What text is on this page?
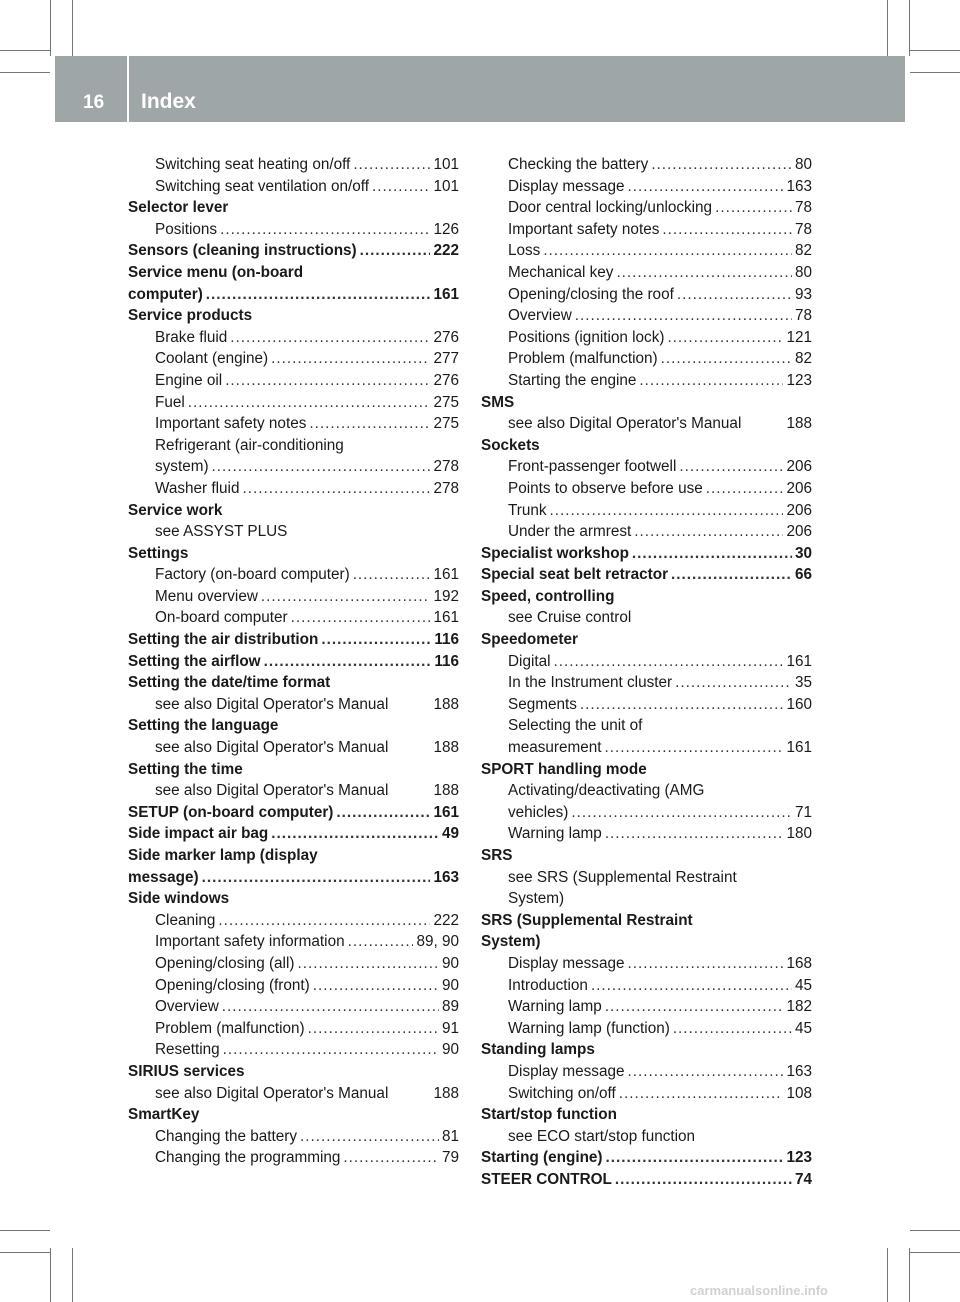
16 Index
Switching seat heating on/off .....	101
Switching seat ventilation on/off .....	101
Selector lever
Positions .....	126
Sensors (cleaning instructions) .....	222
Service menu (on-board
computer) .....	161
Service products
Brake fluid .....	276
Coolant (engine) .....	277
Engine oil .....	276
Fuel .....	275
Important safety notes .....	275
Refrigerant (air-conditioning
system) .....	278
Washer fluid .....	278
Service work
see ASSYST PLUS
Settings
Factory (on-board computer) .....	161
Menu overview .....	192
On-board computer .....	161
Setting the air distribution .....	116
Setting the airflow .....	116
Setting the date/time format
see also Digital Operator's Manual	188
Setting the language
see also Digital Operator's Manual	188
Setting the time
see also Digital Operator's Manual	188
SETUP (on-board computer) .....	161
Side impact air bag .....	49
Side marker lamp (display
message) .....	163
Side windows
Cleaning .....	222
Important safety information .....	89, 90
Opening/closing (all) .....	90
Opening/closing (front) .....	90
Overview .....	89
Problem (malfunction) .....	91
Resetting .....	90
SIRIUS services
see also Digital Operator's Manual	188
SmartKey
Changing the battery .....	81
Changing the programming .....	79
Checking the battery .....	80
Display message .....	163
Door central locking/unlocking .....	78
Important safety notes .....	78
Loss .....	82
Mechanical key .....	80
Opening/closing the roof .....	93
Overview .....	78
Positions (ignition lock) .....	121
Problem (malfunction) .....	82
Starting the engine .....	123
SMS
see also Digital Operator's Manual	188
Sockets
Front-passenger footwell .....	206
Points to observe before use .....	206
Trunk .....	206
Under the armrest .....	206
Specialist workshop .....	30
Special seat belt retractor .....	66
Speed, controlling
see Cruise control
Speedometer
Digital .....	161
In the Instrument cluster .....	35
Segments .....	160
Selecting the unit of
measurement .....	161
SPORT handling mode
Activating/deactivating (AMG
vehicles) .....	71
Warning lamp .....	180
SRS
see SRS (Supplemental Restraint
System)
SRS (Supplemental Restraint
System)
Display message .....	168
Introduction .....	45
Warning lamp .....	182
Warning lamp (function) .....	45
Standing lamps
Display message .....	163
Switching on/off .....	108
Start/stop function
see ECO start/stop function
Starting (engine) .....	123
STEER CONTROL .....	74
carmanualsonline.info
